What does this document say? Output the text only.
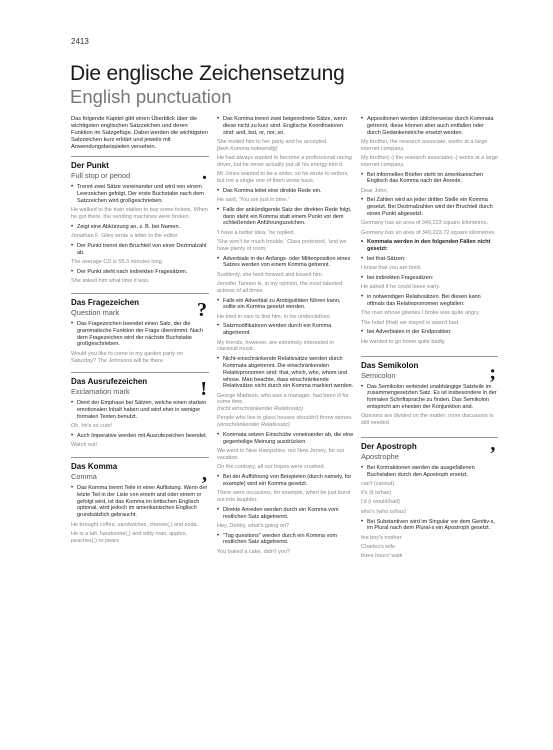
2413
Die englische Zeichensetzung
English punctuation

Das folgende Kapitel gibt einen Überblick über die wichtigsten englischen Satzzeichen und deren Funktion im Satzgefüge. Dabei werden die wichtigsten Satzzeichen kurz erklärt und jeweils mit Anwendungsbeispielen versehen.

Der Punkt
Full stop or period	.
• Trennt zwei Sätze voneinander und wird von einem Leerzeichen gefolgt. Der erste Buchstabe nach dem Satzzeichen wird großgeschrieben.
He walked to the train station to buy some tickets. When he got there, the vending machines were broken.
• Zeigt eine Abkürzung an, z. B. bei Namen.
Jonathan F. Giles wrote a letter to the editor.
• Der Punkt trennt den Bruchteil von einer Dezimalzahl ab.
The average CD is 55.3 minutes long.
• Der Punkt steht nach indirekten Fragesätzen.
She asked him what time it was.
Das Fragezeichen
Question mark	?
• Das Fragezeichen beendet einen Satz, der die grammatische Funktion der Frage übernimmt. Nach dem Fragezeichen wird der nächste Buchstabe großgeschrieben.
Would you like to come to my garden party on Saturday? The Johnsons will be there.
Das Ausrufezeichen
Exclamation mark	!
• Dient der Emphase bei Sätzen, welche einen starken emotionalen Inhalt haben und wird eher in weniger formalen Texten benutzt.
Oh, he's so cute!
• Auch Imperative werden mit Ausrufezeichen beendet.
Watch out!
Das Komma
Comma	,
• Das Komma trennt Teile in einer Auflistung. Wenn der letzte Teil in der Liste von einem and oder einem or gefolgt wird, ist das Komma im britischen Englisch optional, wird jedoch im amerikanischen Englisch grundsätzlich gebraucht.
He brought coffee, sandwiches, cheese(,) and soda.
He is a tall, handsome(,) and witty man, apples, peaches(,) or pears
• Das Komma trennt zwei beigeordnete Sätze, wenn diese nicht zu kurz sind. Englische Koordinatoren sind: and, but, or, nor, so.
She invited him to her party and he accepted.
[kein Komma notwendig]
He had always wanted to become a professional racing driver, but he never actually put all his energy into it.
Mr Jones wanted to be a writer, so he wrote to writers, but not a single one of them wrote back.
• Das Komma leitet eine direkte Rede ein.
He said, 'You are just in time.'
• Falls der ankündigende Satz der direkten Rede folgt, dann steht ein Komma statt einem Punkt vor dem schließenden Anführungszeichen.
'I have a better idea,' he replied.
'She won't be much trouble,' Clara protested, 'and we have plenty of room.'
• Adverbiale in der Anfangs- oder Mittenposition eines Satzes werden von einem Komma getrennt.
Suddenly, she bent forward and kissed him.
Jennifer Tannen is, in my opinion, the most talented actress of all times.
• Falls ein Adverbial zu Ambiguitäten führen kann, sollte ein Komma gesetzt werden.
He tried in vain to find him, in his underclothes.
• Satzmodifikatoren werden durch ein Komma abgetrennt.
My friends, however, are extremely interested in classical music.
• Nicht-einschränkende Relativsätze werden durch Kommata abgetrennt. Die einschränkenden Relativpronomen sind: that, which, who, whom und whose. Man beachte, dass einschränkende Relativsätze nicht durch ein Komma markiert werden.
George Madison, who was a manager, had been ill for some time.
(nicht einschränkender Relativsatz)
People who live in glass houses shouldn't throw stones.
(einschränkender Relativsatz)
• Kommata setzen Einschübe voneinander ab, die eine gegenteilige Meinung ausdrücken.
We went to New Hampshire, not New Jersey, for our vacation.
On the contrary, all our hopes were crushed.
• Bei der Aufführung von Beispielen (durch namely, for example) wird ein Komma gesetzt.
There were occasions, for example, when he just burst out into laughter.
• Direkte Anreden werden durch ein Komma vom restlichen Satz abgetrennt.
Hey, Debby, what's going on?
• "Tag questions" werden durch ein Komma vom restlichen Satz abgetrennt.
You baked a cake, didn't you?
• Appositionen werden üblicherweise durch Kommata getrennt, diese können aber auch entfallen oder durch Gedankenstriche ersetzt werden.
My brother, the research associate, works at a large internet company.
My brother(–) the research associate(–) works at a large internet company.
• Bei informellen Briefen steht im amerikanischen Englisch das Komma nach der Anrede.
Dear John,
• Bei Zahlen wird an jeder dritten Stelle ein Komma gesetzt. Bei Dezimalzahlen wird der Bruchteil durch einen Punkt abgesetzt.
Germany has an area of 349,223 square kilometres.
Germany has an area of 349,223.72 square kilometres.
• Kommata werden in den folgenden Fällen nicht gesetzt:
• bei that-Sätzen:
I know that you are tired.
• bei indirekten Fragesätzen:
He asked if he could leave early.
• in notwendigen Relativsätzen. Bei diesen kann oftmals das Relativpronomen wegfallen:
The man whose glasses I broke was quite angry.
The hotel (that) we stayed in wasn't bad.
• bei Adverbialen in der Endposition:
He wanted to go home quite badly.
Das Semikolon
Semicolon	;
• Das Semikolon verbindet unabhängige Satzteile im zusammengesetzten Satz. Es ist insbesondere in der formalen Schriftsprache zu finden. Das Semikolon entspricht am ehesten der Konjunktion and.
Opinions are divided on the matter; more discussion is still needed.
Der Apostroph
Apostrophe	’
• Bei Kontraktionen werden die ausgefallenen Buchstaben durch den Apostroph ersetzt.
can't (cannot)
it's (it is/has)
I'd (I would/had)
who's (who is/has)
• Bei Substantiven wird im Singular vor dem Genitiv-s, im Plural nach dem Plural-s ein Apostroph gesetzt.
the boy's mother
Charles's wife
three hours' walk
